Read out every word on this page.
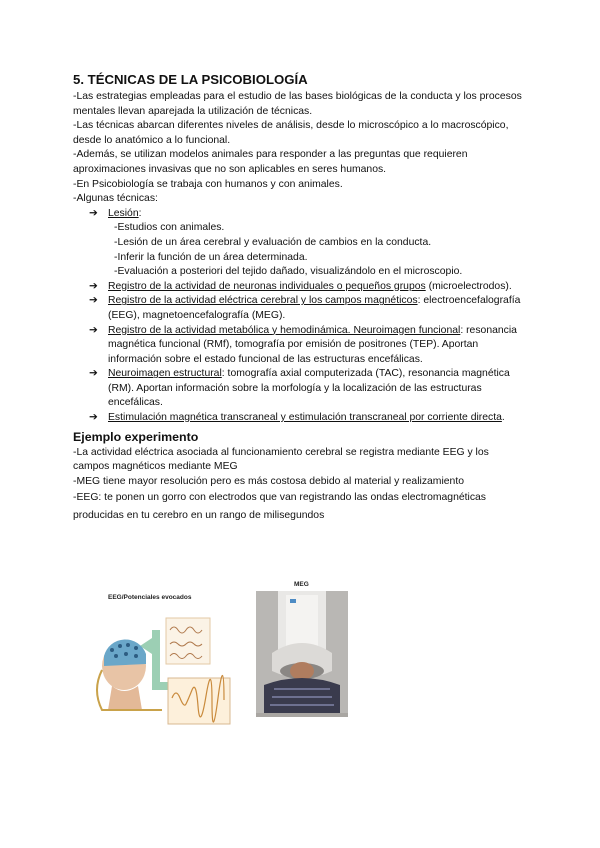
5. TÉCNICAS DE LA PSICOBIOLOGÍA

-Las estrategias empleadas para el estudio de las bases biológicas de la conducta y los procesos mentales llevan aparejada la utilización de técnicas.

-Las técnicas abarcan diferentes niveles de análisis, desde lo microscópico a lo macroscópico, desde lo anatómico a lo funcional.

-Además, se utilizan modelos animales para responder a las preguntas que requieren aproximaciones invasivas que no son aplicables en seres humanos.

-En Psicobiología se trabaja con humanos y con animales.

-Algunas técnicas:

➔ Lesión:
-Estudios con animales.
-Lesión de un área cerebral y evaluación de cambios en la conducta.
-Inferir la función de un área determinada.
-Evaluación a posteriori del tejido dañado, visualizándolo en el microscopio.
➔ Registro de la actividad de neuronas individuales o pequeños grupos (microelectrodos).
➔ Registro de la actividad eléctrica cerebral y los campos magnéticos: electroencefalografía (EEG), magnetoencefalografía (MEG).
➔ Registro de la actividad metabólica y hemodinámica. Neuroimagen funcional: resonancia magnética funcional (RMf), tomografía por emisión de positrones (TEP). Aportan información sobre el estado funcional de las estructuras encefálicas.
➔ Neuroimagen estructural: tomografía axial computerizada (TAC), resonancia magnética (RM). Aportan información sobre la morfología y la localización de las estructuras encefálicas.
➔ Estimulación magnética transcraneal y estimulación transcraneal por corriente directa.
Ejemplo experimento

-La actividad eléctrica asociada al funcionamiento cerebral se registra mediante EEG y los campos magnéticos mediante MEG

-MEG tiene mayor resolución pero es más costosa debido al material y realizamiento

-EEG: te ponen un gorro con electrodos que van registrando las ondas electromagnéticas producidas en tu cerebro en un rango de milisegundos

EEG/Potenciales evocados
MEG
